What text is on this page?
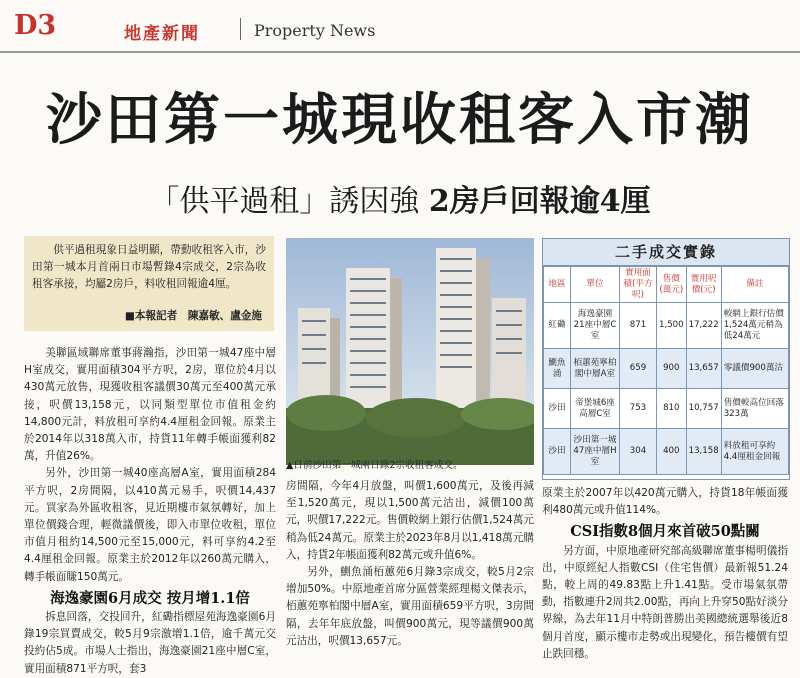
D3	地產新聞	Property News
沙田第一城現收租客入市潮
「供平過租」誘因強 2房戶回報逾4厘

供平過租現象日益明顯，帶動收租客入市，沙田第一城本月首兩日市場暫錄4宗成交，2宗為收租客承接，均屬2房戶，料收租回報逾4厘。

■本報記者　陳嘉敏、盧金施

美聯區域聯席董事蔣瀚指，沙田第一城47座中層H室成交，實用面積304平方呎，2房，單位於4月以430萬元放售，現獲收租客議價30萬元至400萬元承接，呎價13,158元，以同類型單位市值租金約14,800元計，料放租可享約4.4厘租金回報。原業主於2014年以318萬入市，持貨11年轉手帳面獲利82萬，升值26%。

另外，沙田第一城40座高層A室，實用面積284平方呎，2房間隔，以410萬元易手，呎價14,437元。買家為外區收租客，見近期樓市氣氛轉好，加上單位價錢合理，輕微議價後，即入市單位收租，單位市值月租約14,500元至15,000元，料可享約4.2至4.4厘租金回報。原業主於2012年以260萬元購入，轉手帳面賺150萬元。

海逸豪園6月成交 按月增1.1倍

拆息回落，交投回升，紅磡指標屋苑海逸豪園6月錄19宗買賣成交，較5月9宗激增1.1倍，逾千萬元交投約佔5成。市場人士指出，海逸豪園21座中層C室，實用面積871平方呎，套3

▲日前沙田第一城兩日錄2宗收租客成交。

房間隔，今年4月放盤，叫價1,600萬元，及後再減至1,520萬元，現以1,500萬元沽出，減價100萬元，呎價17,222元。售價較網上銀行估價1,524萬元稍為低24萬元。原業主於2023年8月以1,418萬元購入，持貨2年帳面獲利82萬元或升值6%。

另外，鰂魚涌栢蕙苑6月錄3宗成交，較5月2宗增加50%。中原地產首席分區營業經理楊文傑表示，栢蕙苑寧柏閣中層A室，實用面積659平方呎，3房間隔，去年年底放盤，叫價900萬元，現等議價900萬元沽出，呎價13,657元。

二手成交實錄
地區	單位	實用面積(平方呎)	售價(萬元)	實用呎價(元)	備註
紅磡	海逸豪園21座中層C室	871	1,500	17,222	較網上銀行估價1,524萬元稍為低24萬元
鰂魚涌	栢蕙苑寧柏閣中層A室	659	900	13,657	零議價900萬沽
沙田	帝堡城6座高層C室	753	810	10,757	售價較高位回落323萬
沙田	沙田第一城47座中層H室	304	400	13,158	料放租可享約4.4厘租金回報

原業主於2007年以420萬元購入，持貨18年帳面獲利480萬元或升值114%。

CSI指數8個月來首破50點關

另方面，中原地產研究部高級聯席董事楊明儀指出，中原經紀人指數CSI（住宅售價）最新報51.24點，較上周的49.83點上升1.41點。受市場氣氛帶動，指數連升2周共2.00點，再向上升穿50點好淡分界線，為去年11月中特朗普勝出美國總統選舉後近8個月首度，顯示樓市走勢或出現變化，預告樓價有望止跌回穩。
